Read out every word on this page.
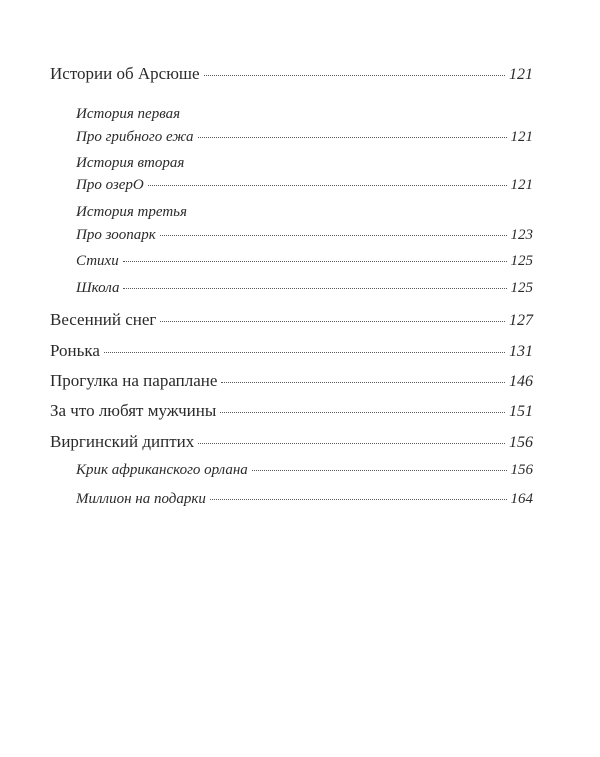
Истории об Арсюше	121
История первая
Про грибного ежа	121
История вторая
Про озерО	121
История третья
Про зоопарк	123
Стихи	125
Школа	125
Весенний снег	127
Ронька	131
Прогулка на параплане	146
За что любят мужчины	151
Виргинский диптих	156
Крик африканского орлана	156
Миллион на подарки	164
